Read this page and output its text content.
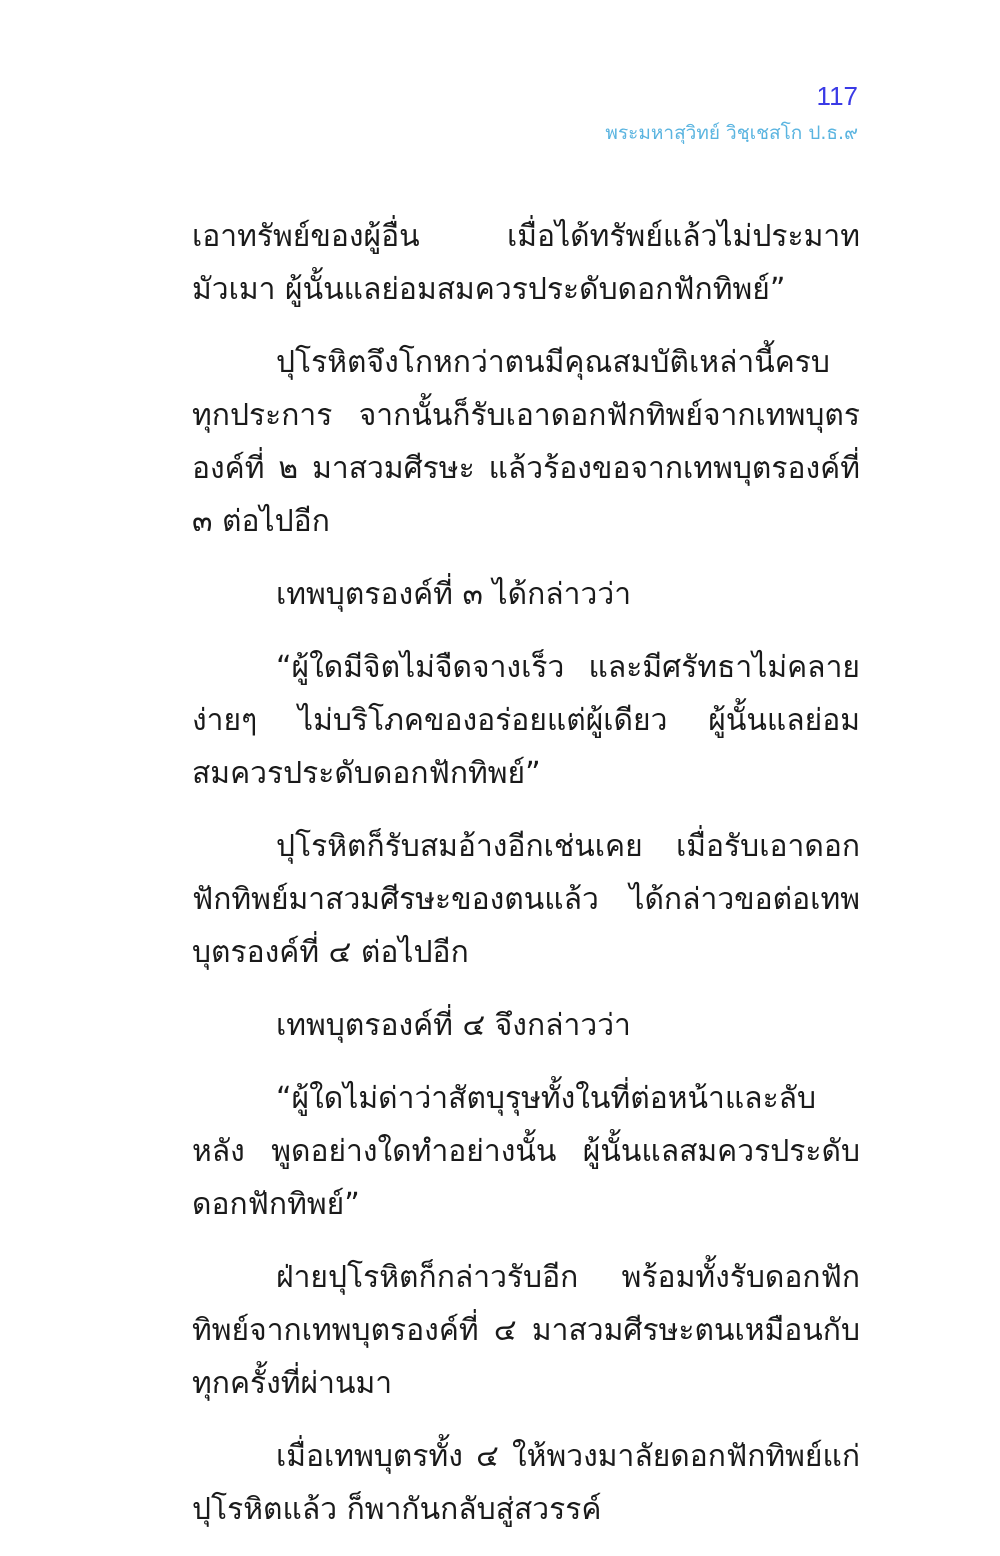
117
พระมหาสุวิทย์ วิชฺเชสโก ป.ธ.๙

เอาทรัพย์ของผู้อื่น เมื่อได้ทรัพย์แล้วไม่ประมาทมัวเมา ผู้นั้นแลย่อมสมควรประดับดอกฟักทิพย์”

ปุโรหิตจึงโกหกว่าตนมีคุณสมบัติเหล่านี้ครบทุกประการ จากนั้นก็รับเอาดอกฟักทิพย์จากเทพบุตรองค์ที่ ๒ มาสวมศีรษะ แล้วร้องขอจากเทพบุตรองค์ที่ ๓ ต่อไปอีก

เทพบุตรองค์ที่ ๓ ได้กล่าวว่า

“ผู้ใดมีจิตไม่จืดจางเร็ว และมีศรัทธาไม่คลายง่ายๆ ไม่บริโภคของอร่อยแต่ผู้เดียว ผู้นั้นแลย่อมสมควรประดับดอกฟักทิพย์”

ปุโรหิตก็รับสมอ้างอีกเช่นเคย เมื่อรับเอาดอกฟักทิพย์มาสวมศีรษะของตนแล้ว ได้กล่าวขอต่อเทพบุตรองค์ที่ ๔ ต่อไปอีก

เทพบุตรองค์ที่ ๔ จึงกล่าวว่า

“ผู้ใดไม่ด่าว่าสัตบุรุษทั้งในที่ต่อหน้าและลับหลัง พูดอย่างใดทำอย่างนั้น ผู้นั้นแลสมควรประดับดอกฟักทิพย์”

ฝ่ายปุโรหิตก็กล่าวรับอีก พร้อมทั้งรับดอกฟักทิพย์จากเทพบุตรองค์ที่ ๔ มาสวมศีรษะตนเหมือนกับทุกครั้งที่ผ่านมา

เมื่อเทพบุตรทั้ง ๔ ให้พวงมาลัยดอกฟักทิพย์แก่ปุโรหิตแล้ว ก็พากันกลับสู่สวรรค์
